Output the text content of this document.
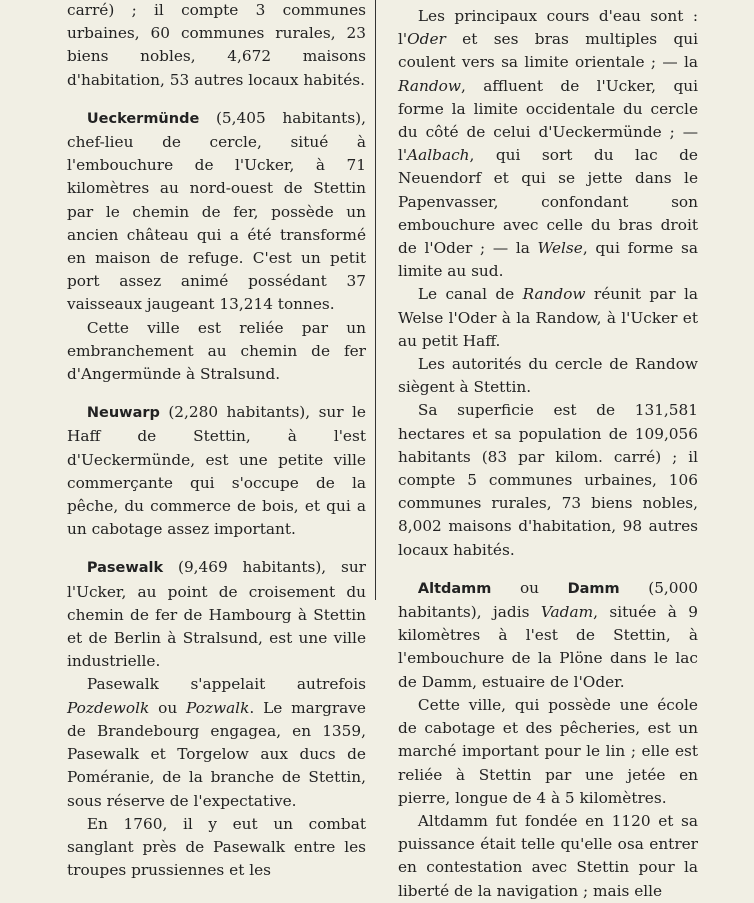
carré) ; il compte 3 communes urbaines, 60 communes rurales, 23 biens nobles, 4,672 maisons d'habitation, 53 autres locaux habités.

Ueckermünde (5,405 habitants), chef-lieu de cercle, situé à l'embouchure de l'Ucker, à 71 kilomètres au nord-ouest de Stettin par le chemin de fer, possède un ancien château qui a été transformé en maison de refuge. C'est un petit port assez animé possédant 37 vaisseaux jaugeant 13,214 tonnes.

Cette ville est reliée par un embranchement au chemin de fer d'Angermünde à Stralsund.

Neuwarp (2,280 habitants), sur le Haff de Stettin, à l'est d'Ueckermünde, est une petite ville commerçante qui s'occupe de la pêche, du commerce de bois, et qui a un cabotage assez important.

Pasewalk (9,469 habitants), sur l'Ucker, au point de croisement du chemin de fer de Hambourg à Stettin et de Berlin à Stralsund, est une ville industrielle.

Pasewalk s'appelait autrefois Pozdewolk ou Pozwalk. Le margrave de Brandebourg engagea, en 1359, Pasewalk et Torgelow aux ducs de Poméranie, de la branche de Stettin, sous réserve de l'expectative.

En 1760, il y eut un combat sanglant près de Pasewalk entre les troupes prussiennes et les

Les principaux cours d'eau sont : l'Oder et ses bras multiples qui coulent vers sa limite orientale ; — la Randow, affluent de l'Ucker, qui forme la limite occidentale du cercle du côté de celui d'Ueckermünde ; — l'Aalbach, qui sort du lac de Neuendorf et qui se jette dans le Papenvasser, confondant son embouchure avec celle du bras droit de l'Oder ; — la Welse, qui forme sa limite au sud.

Le canal de Randow réunit par la Welse l'Oder à la Randow, à l'Ucker et au petit Haff.

Les autorités du cercle de Randow siègent à Stettin.

Sa superficie est de 131,581 hectares et sa population de 109,056 habitants (83 par kilom. carré) ; il compte 5 communes urbaines, 106 communes rurales, 73 biens nobles, 8,002 maisons d'habitation, 98 autres locaux habités.

Altdamm ou Damm (5,000 habitants), jadis Vadam, située à 9 kilomètres à l'est de Stettin, à l'embouchure de la Plöne dans le lac de Damm, estuaire de l'Oder.

Cette ville, qui possède une école de cabotage et des pêcheries, est un marché important pour le lin ; elle est reliée à Stettin par une jetée en pierre, longue de 4 à 5 kilomètres.

Altdamm fut fondée en 1120 et sa puissance était telle qu'elle osa entrer en contestation avec Stettin pour la liberté de la navigation ; mais elle
